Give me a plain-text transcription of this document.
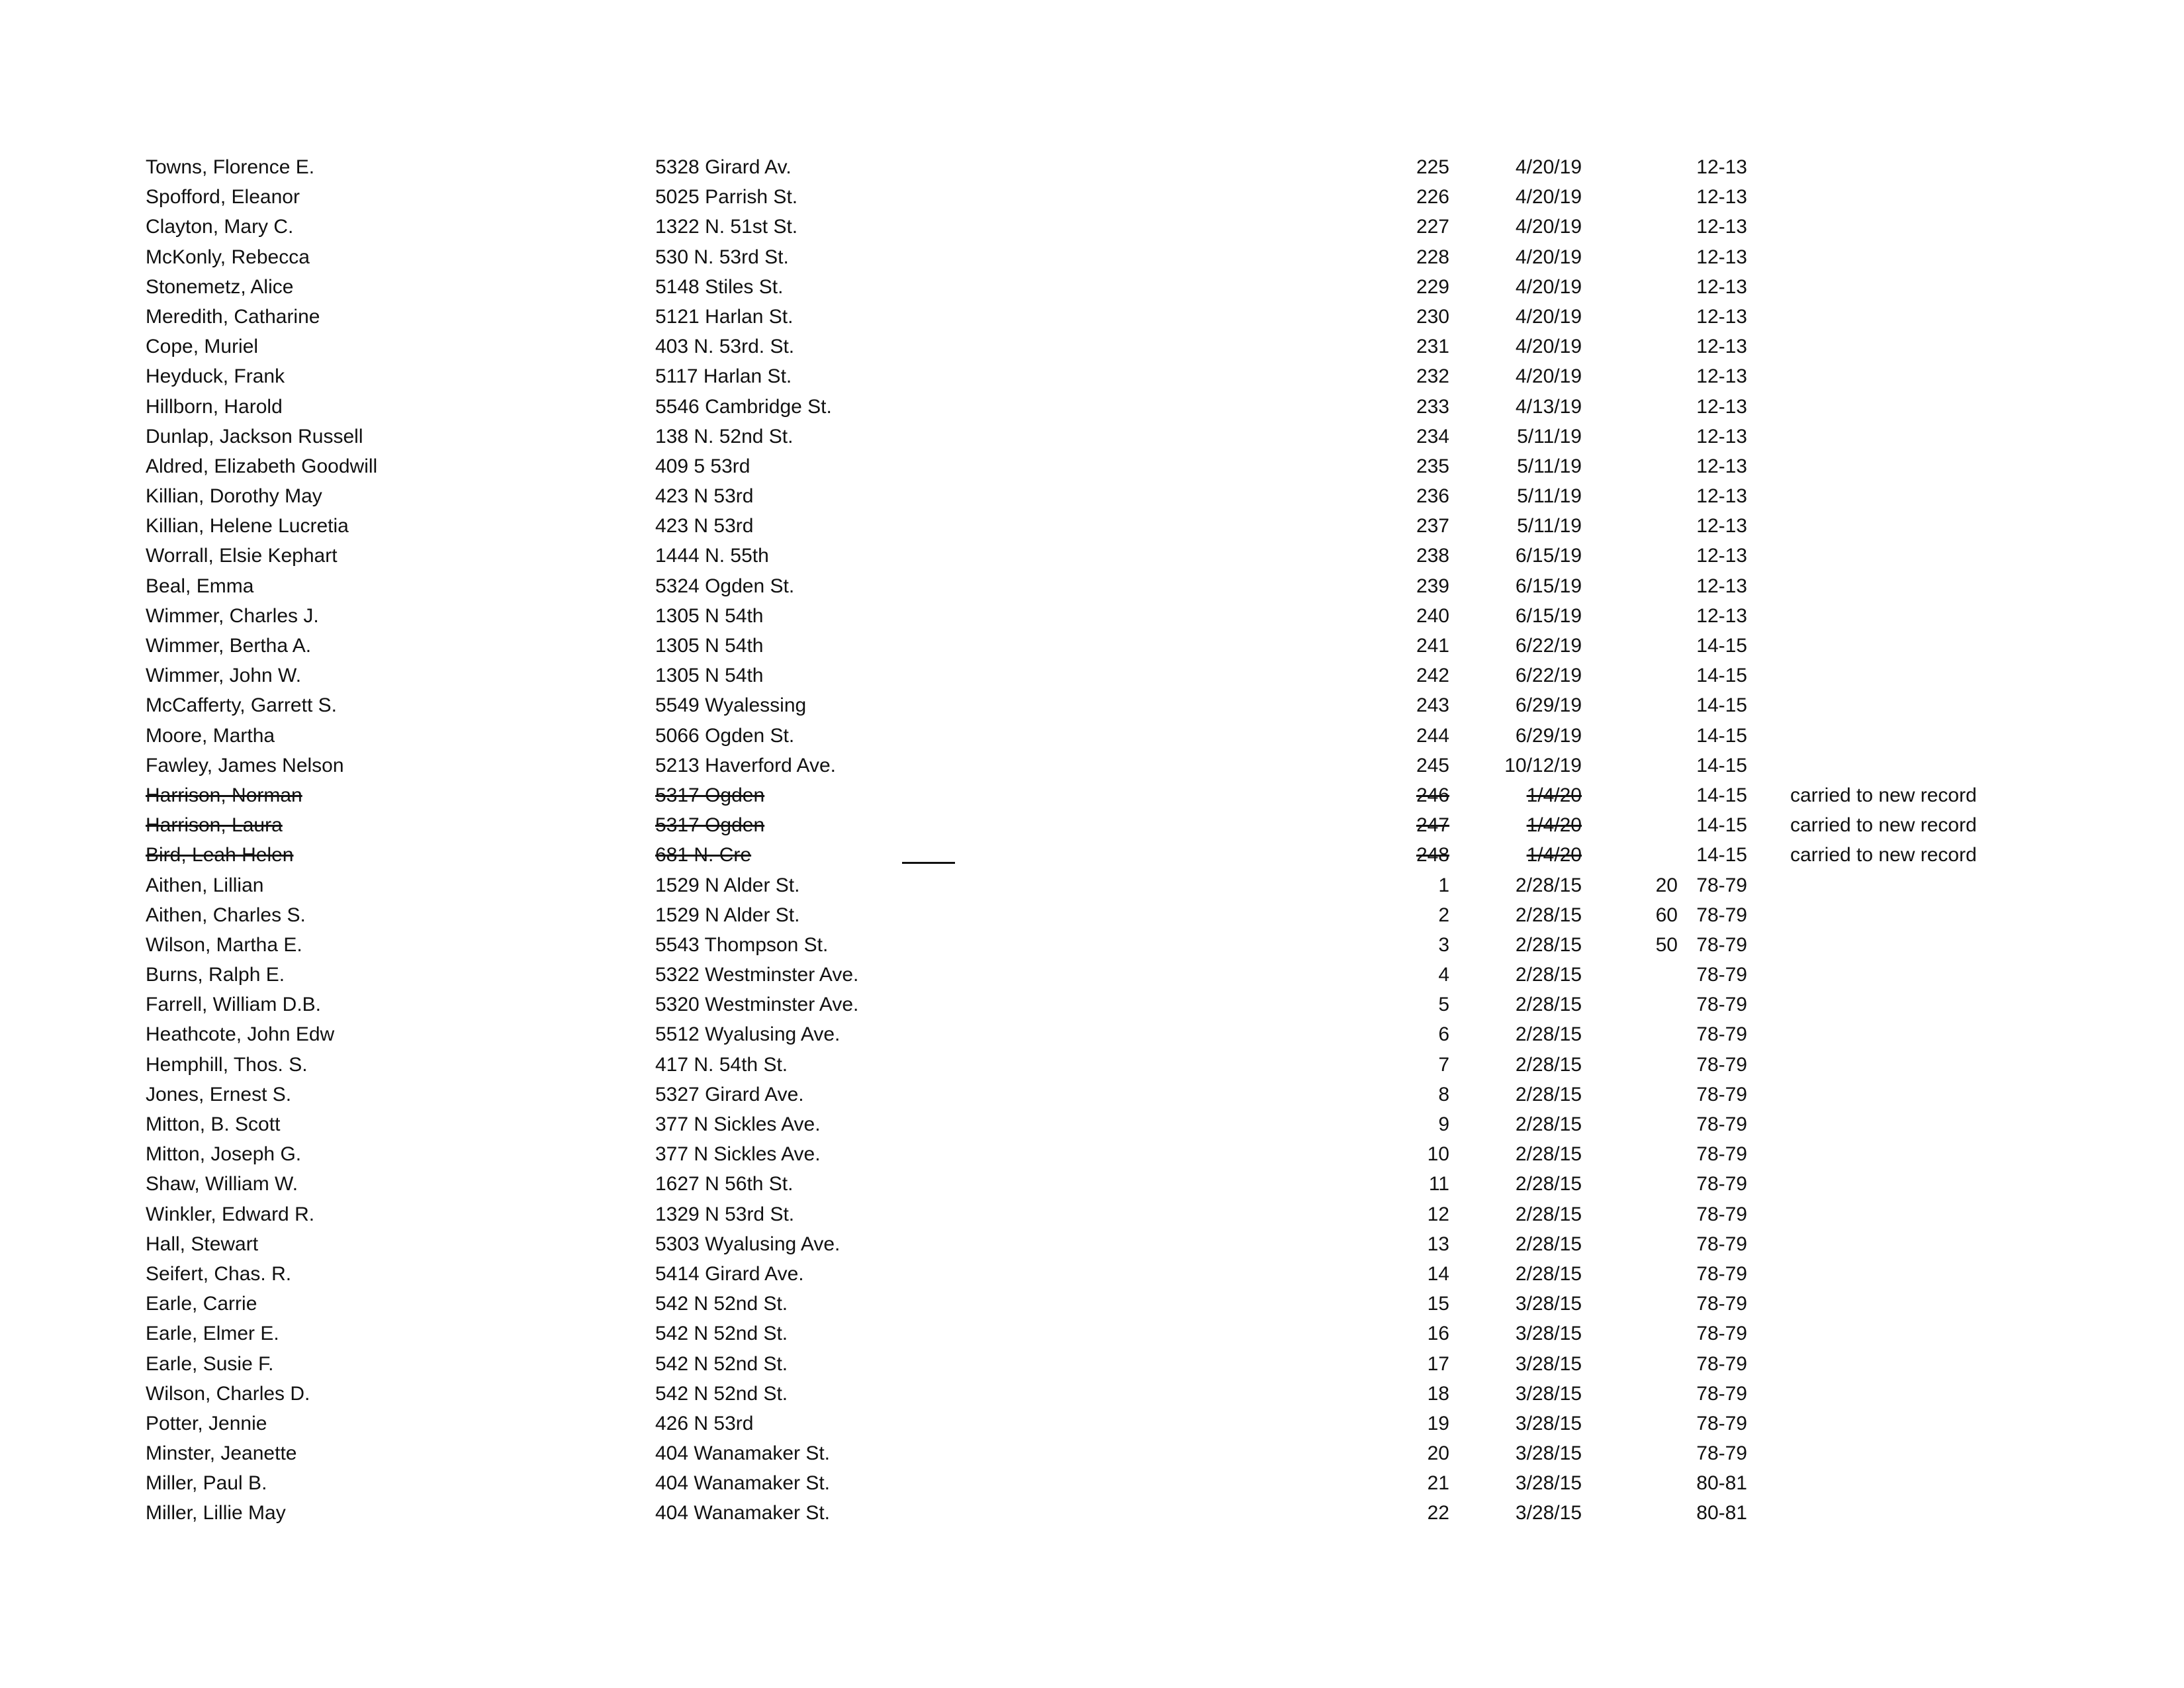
Towns, Florence E.	5328 Girard Av.	225	4/20/19	12-13
Spofford, Eleanor	5025 Parrish St.	226	4/20/19	12-13
Clayton, Mary C.	1322 N. 51st St.	227	4/20/19	12-13
McKonly, Rebecca	530 N. 53rd St.	228	4/20/19	12-13
Stonemetz, Alice	5148 Stiles St.	229	4/20/19	12-13
Meredith, Catharine	5121 Harlan St.	230	4/20/19	12-13
Cope, Muriel	403 N. 53rd. St.	231	4/20/19	12-13
Heyduck, Frank	5117 Harlan St.	232	4/20/19	12-13
Hillborn, Harold	5546 Cambridge St.	233	4/13/19	12-13
Dunlap, Jackson Russell	138 N. 52nd St.	234	5/11/19	12-13
Aldred, Elizabeth Goodwill	409 5 53rd	235	5/11/19	12-13
Killian, Dorothy May	423 N 53rd	236	5/11/19	12-13
Killian, Helene Lucretia	423 N 53rd	237	5/11/19	12-13
Worrall, Elsie Kephart	1444 N. 55th	238	6/15/19	12-13
Beal, Emma	5324 Ogden St.	239	6/15/19	12-13
Wimmer, Charles J.	1305 N 54th	240	6/15/19	12-13
Wimmer, Bertha A.	1305 N 54th	241	6/22/19	14-15
Wimmer, John W.	1305 N 54th	242	6/22/19	14-15
McCafferty, Garrett S.	5549 Wyalessing	243	6/29/19	14-15
Moore, Martha	5066 Ogden St.	244	6/29/19	14-15
Fawley, James Nelson	5213 Haverford Ave.	245	10/12/19	14-15
Harrison, Norman	5317 Ogden	246	1/4/20	14-15 carried to new record
Harrison, Laura	5317 Ogden	247	1/4/20	14-15 carried to new record
Bird, Leah Helen	681 N. Cre	248	1/4/20	14-15 carried to new record
Aithen, Lillian	1529 N Alder St.	1	2/28/15	20 78-79
Aithen, Charles S.	1529 N Alder St.	2	2/28/15	60 78-79
Wilson, Martha E.	5543 Thompson St.	3	2/28/15	50 78-79
Burns, Ralph E.	5322 Westminster Ave.	4	2/28/15	78-79
Farrell, William D.B.	5320 Westminster Ave.	5	2/28/15	78-79
Heathcote, John Edw	5512 Wyalusing Ave.	6	2/28/15	78-79
Hemphill, Thos. S.	417 N. 54th St.	7	2/28/15	78-79
Jones, Ernest S.	5327 Girard Ave.	8	2/28/15	78-79
Mitton, B. Scott	377 N Sickles Ave.	9	2/28/15	78-79
Mitton, Joseph G.	377 N Sickles Ave.	10	2/28/15	78-79
Shaw, William W.	1627 N 56th St.	11	2/28/15	78-79
Winkler, Edward R.	1329 N 53rd St.	12	2/28/15	78-79
Hall, Stewart	5303 Wyalusing Ave.	13	2/28/15	78-79
Seifert, Chas. R.	5414 Girard Ave.	14	2/28/15	78-79
Earle, Carrie	542 N 52nd St.	15	3/28/15	78-79
Earle, Elmer E.	542 N 52nd St.	16	3/28/15	78-79
Earle, Susie F.	542 N 52nd St.	17	3/28/15	78-79
Wilson, Charles D.	542 N 52nd St.	18	3/28/15	78-79
Potter, Jennie	426 N 53rd	19	3/28/15	78-79
Minster, Jeanette	404 Wanamaker St.	20	3/28/15	78-79
Miller, Paul B.	404 Wanamaker St.	21	3/28/15	80-81
Miller, Lillie May	404 Wanamaker St.	22	3/28/15	80-81
